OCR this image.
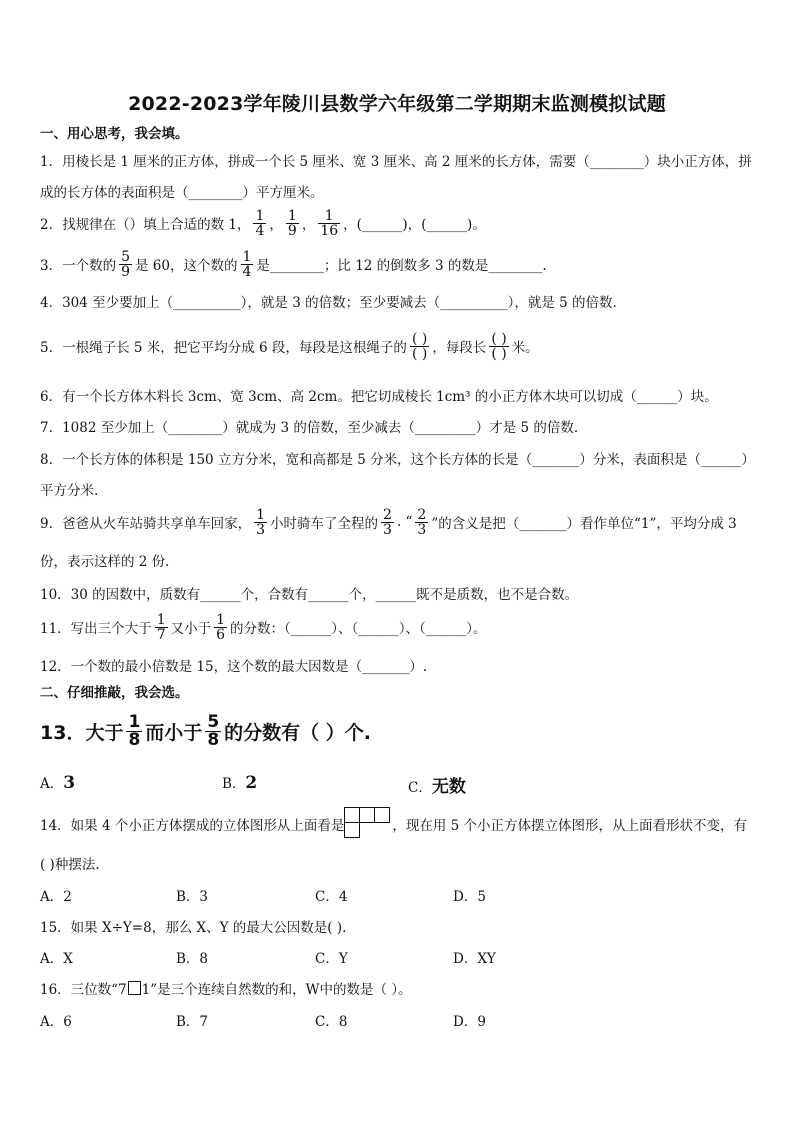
2022-2023学年陵川县数学六年级第二学期期末监测模拟试题
一、用心思考，我会填。
1．用棱长是 1 厘米的正方体，拼成一个长 5 厘米、宽 3 厘米、高 2 厘米的长方体，需要（________）块小正方体，拼
成的长方体的表面积是（________）平方厘米。
2．找规律在（）填上合适的数 1， $\frac{1}{4}$ ， $\frac{1}{9}$ ， $\frac{1}{16}$ ，(______)，(______)。
3．一个数的 $\frac{5}{9}$ 是 60，这个数的 $\frac{1}{4}$ 是________；比 12 的倒数多 3 的数是________.
4．304 至少要加上（__________），就是 3 的倍数；至少要减去（__________），就是 5 的倍数.
5．一根绳子长 5 米，把它平均分成 6 段，每段是这根绳子的 $\frac{( )}{( )}$ ，每段长 $\frac{( )}{( )}$ 米。
6．有一个长方体木料长 3cm、宽 3cm、高 2cm。把它切成棱长 1cm³ 的小正方体木块可以切成（______）块。
7．1082 至少加上（________）就成为 3 的倍数，至少减去（_________）才是 5 的倍数.
8．一个长方体的体积是 150 立方分米，宽和高都是 5 分米，这个长方体的长是（_______）分米，表面积是（______）
平方分米.
9．爸爸从火车站骑共享单车回家， $\frac{1}{3}$ 小时骑车了全程的 $\frac{2}{3}$ . “ $\frac{2}{3}$ ”的含义是把（_______）看作单位“1”，平均分成 3
份，表示这样的 2 份.
10．30 的因数中，质数有______个，合数有______个，______既不是质数，也不是合数。
11．写出三个大于 $\frac{1}{7}$ 又小于 $\frac{1}{6}$ 的分数：（______）、（______）、（______）。
12．一个数的最小倍数是 15，这个数的最大因数是（_______）.
二、仔细推敲，我会选。
13．大于 $\frac{1}{8}$ 而小于 $\frac{5}{8}$ 的分数有（ ）个.
A． 3	B． 2	C． 无数
14．如果 4 个小正方体摆成的立体图形从上面看是	，现在用 5 个小正方体摆立体图形，从上面看形状不变，有
( )种摆法.
A．2	B．3	C．4	D．5
15．如果 X÷Y=8，那么 X、Y 的最大公因数是( ).
A．X	B．8	C．Y	D．XY
16．三位数“7 1”是三个连续自然数的和，W中的数是（ ）。
A．6	B．7	C．8	D．9
